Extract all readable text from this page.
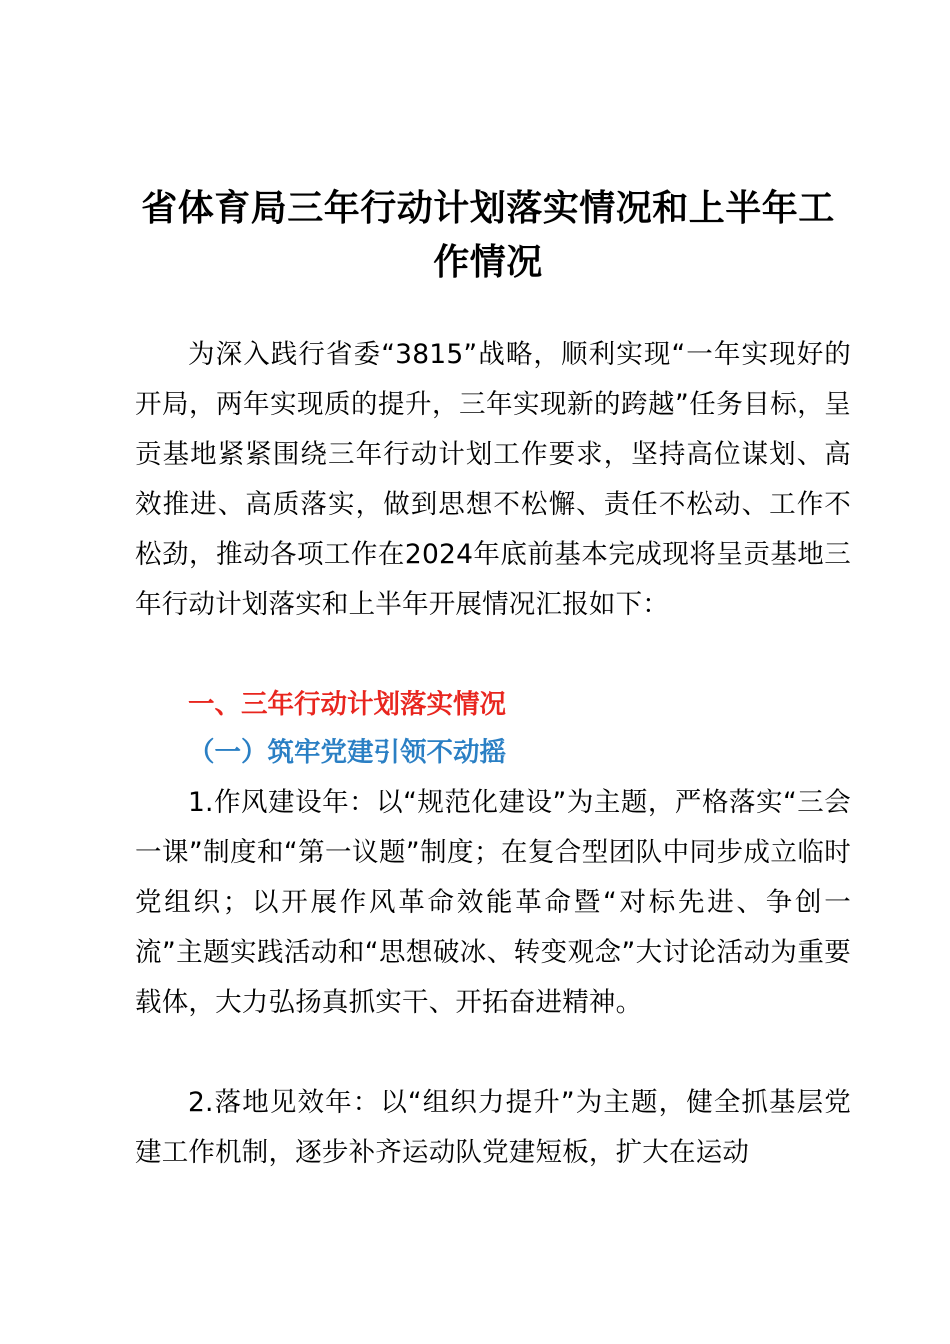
省体育局三年行动计划落实情况和上半年工作情况

为深入践行省委“3815”战略，顺利实现“一年实现好的开局，两年实现质的提升，三年实现新的跨越”任务目标，呈贡基地紧紧围绕三年行动计划工作要求，坚持高位谋划、高效推进、高质落实，做到思想不松懈、责任不松动、工作不松劲，推动各项工作在2024年底前基本完成现将呈贡基地三年行动计划落实和上半年开展情况汇报如下：

一、三年行动计划落实情况
（一）筑牢党建引领不动摇

1.作风建设年：以“规范化建设”为主题，严格落实“三会一课”制度和“第一议题”制度；在复合型团队中同步成立临时党组织；以开展作风革命效能革命暨“对标先进、争创一流”主题实践活动和“思想破冰、转变观念”大讨论活动为重要载体，大力弘扬真抓实干、开拓奋进精神。

2.落地见效年：以“组织力提升”为主题，健全抓基层党建工作机制，逐步补齐运动队党建短板，扩大在运动
